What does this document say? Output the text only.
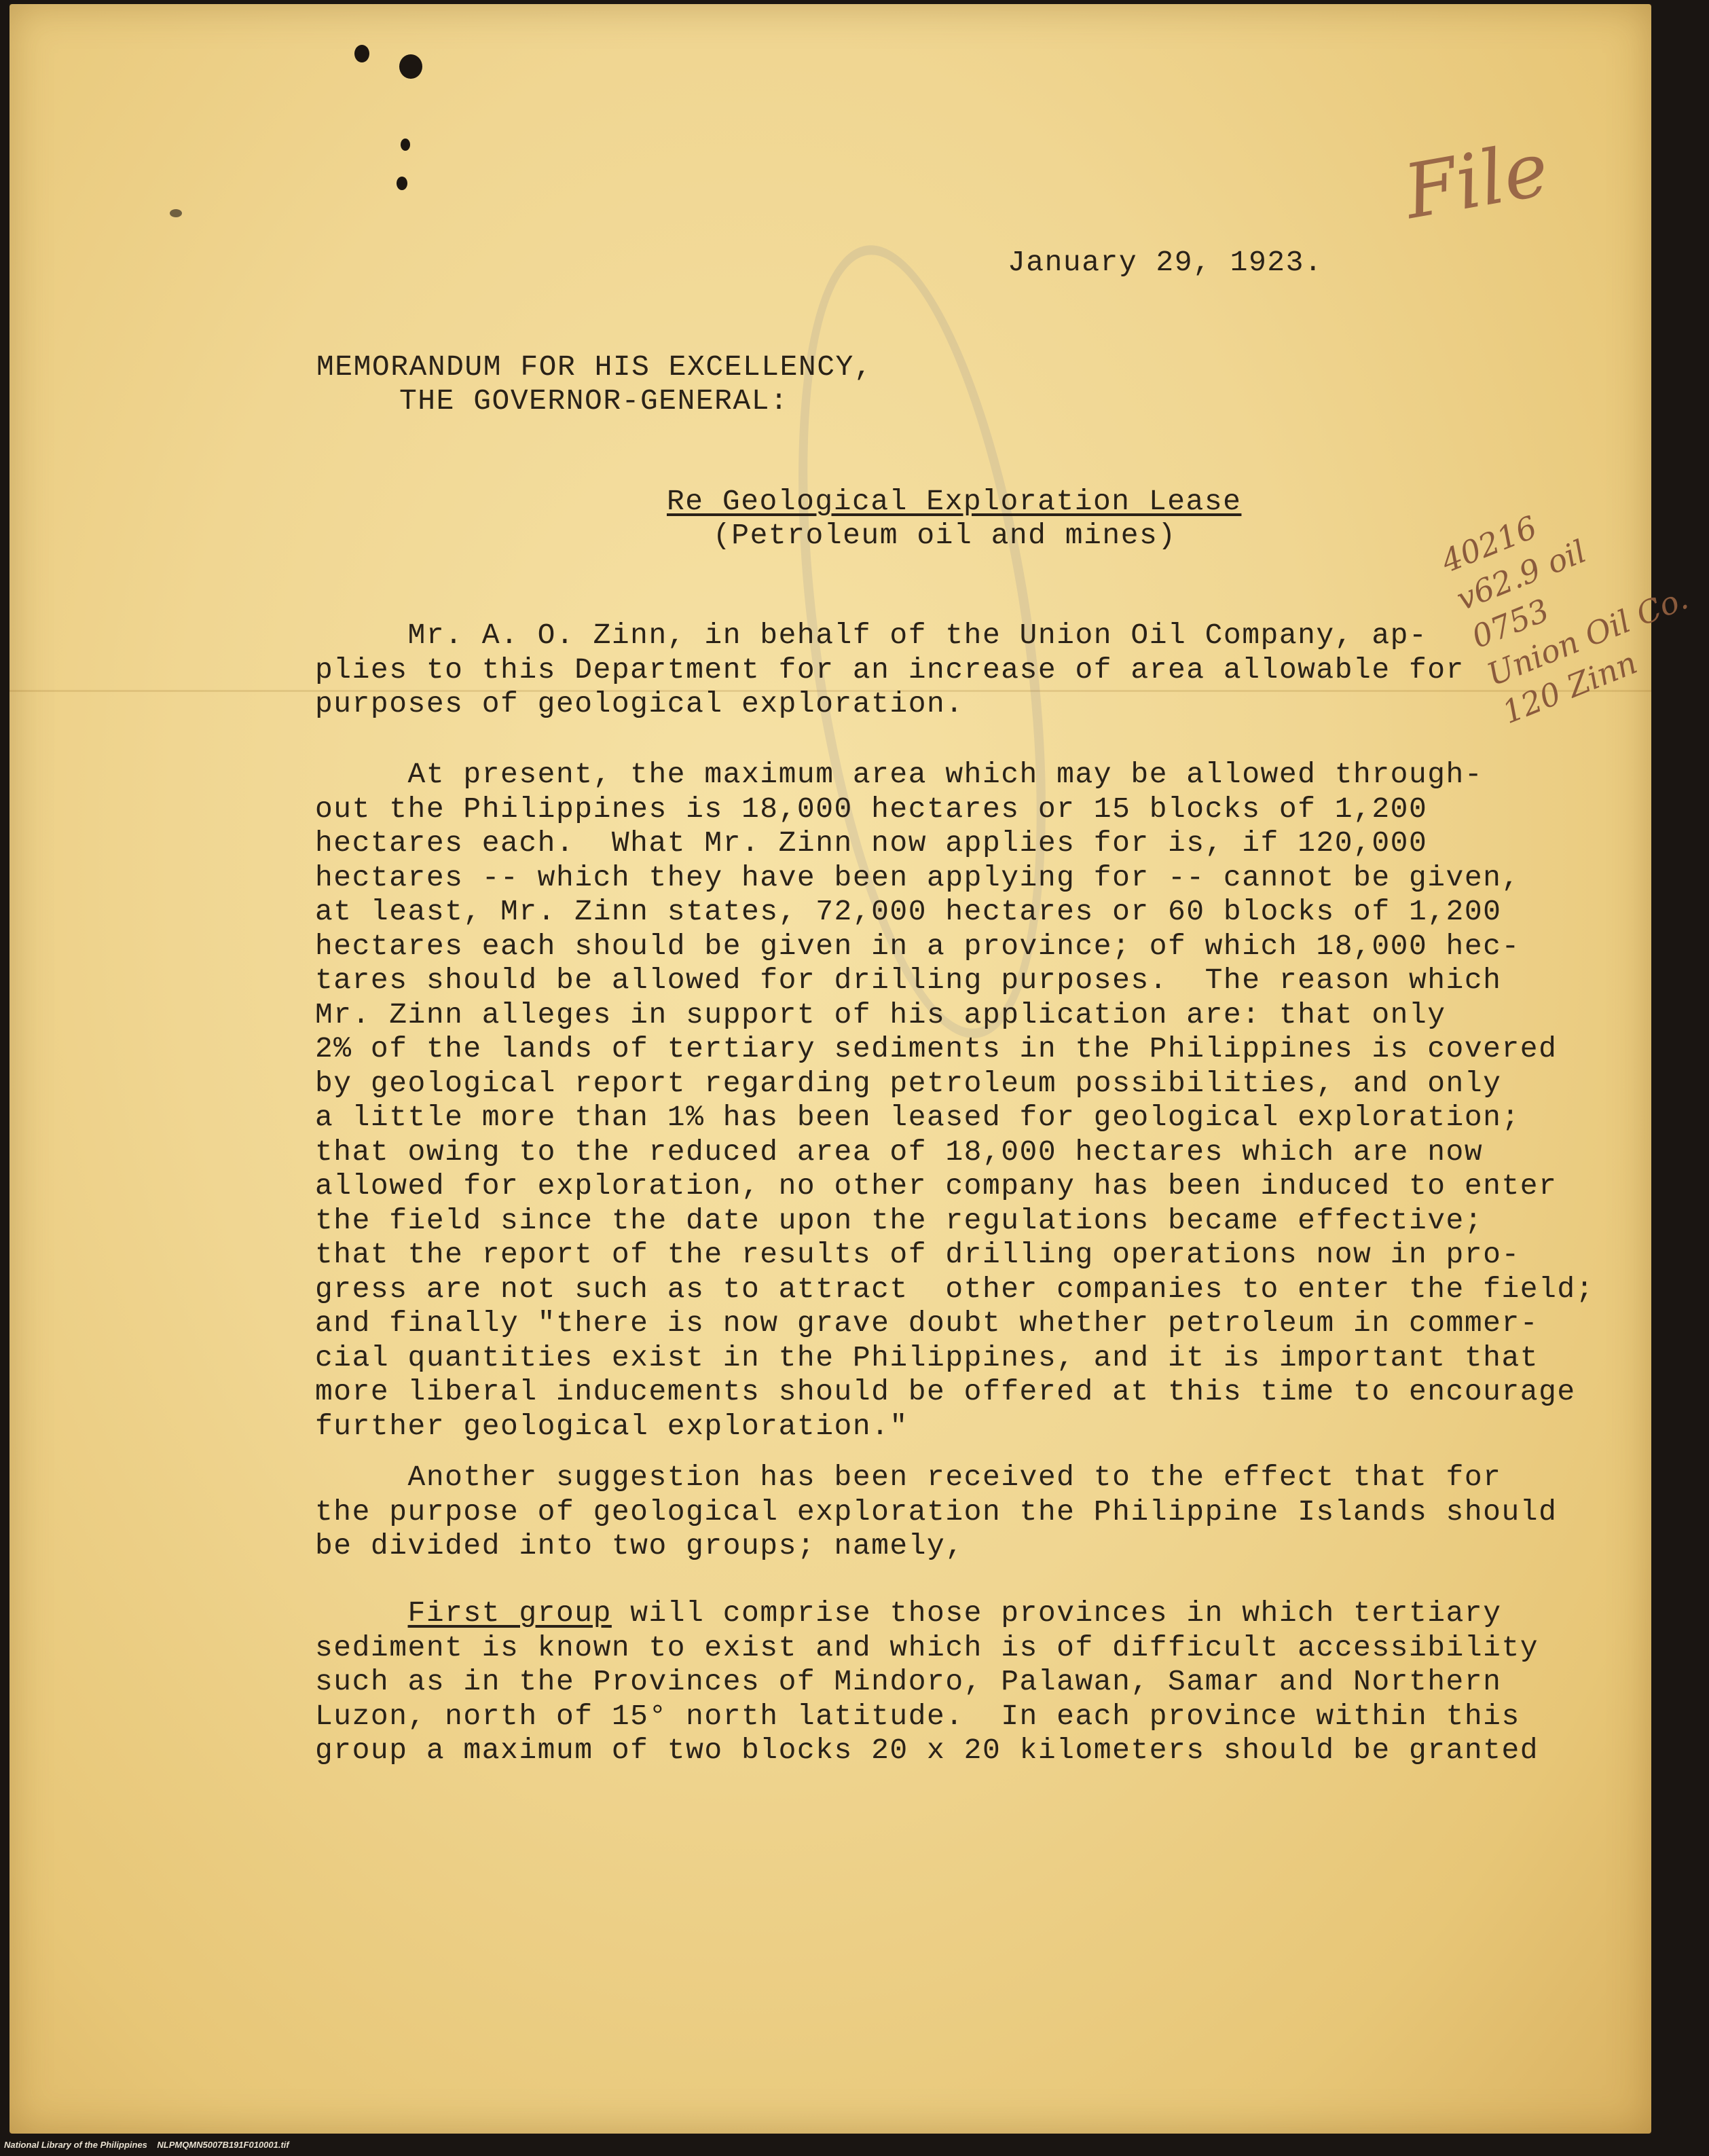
January 29, 1923.
MEMORANDUM FOR HIS EXCELLENCY,
THE GOVERNOR-GENERAL:
Re Geological Exploration Lease
(Petroleum oil and mines)
Mr. A. O. Zinn, in behalf of the Union Oil Company, ap-
plies to this Department for an increase of area allowable for
purposes of geological exploration.
At present, the maximum area which may be allowed through-
out the Philippines is 18,000 hectares or 15 blocks of 1,200
hectares each.  What Mr. Zinn now applies for is, if 120,000
hectares -- which they have been applying for -- cannot be given,
at least, Mr. Zinn states, 72,000 hectares or 60 blocks of 1,200
hectares each should be given in a province; of which 18,000 hec-
tares should be allowed for drilling purposes.  The reason which
Mr. Zinn alleges in support of his application are: that only
2% of the lands of tertiary sediments in the Philippines is covered
by geological report regarding petroleum possibilities, and only
a little more than 1% has been leased for geological exploration;
that owing to the reduced area of 18,000 hectares which are now
allowed for exploration, no other company has been induced to enter
the field since the date upon the regulations became effective;
that the report of the results of drilling operations now in pro-
gress are not such as to attract  other companies to enter the field;
and finally "there is now grave doubt whether petroleum in commer-
cial quantities exist in the Philippines, and it is important that
more liberal inducements should be offered at this time to encourage
further geological exploration."
Another suggestion has been received to the effect that for
the purpose of geological exploration the Philippine Islands should
be divided into two groups; namely,
First group will comprise those provinces in which tertiary
sediment is known to exist and which is of difficult accessibility
such as in the Provinces of Mindoro, Palawan, Samar and Northern
Luzon, north of 15° north latitude.  In each province within this
group a maximum of two blocks 20 x 20 kilometers should be granted
File
40216
v62.9 oil
0753
Union Oil Co.
120 Zinn
National Library of the Philippines    NLPMQMN5007B191F010001.tif
